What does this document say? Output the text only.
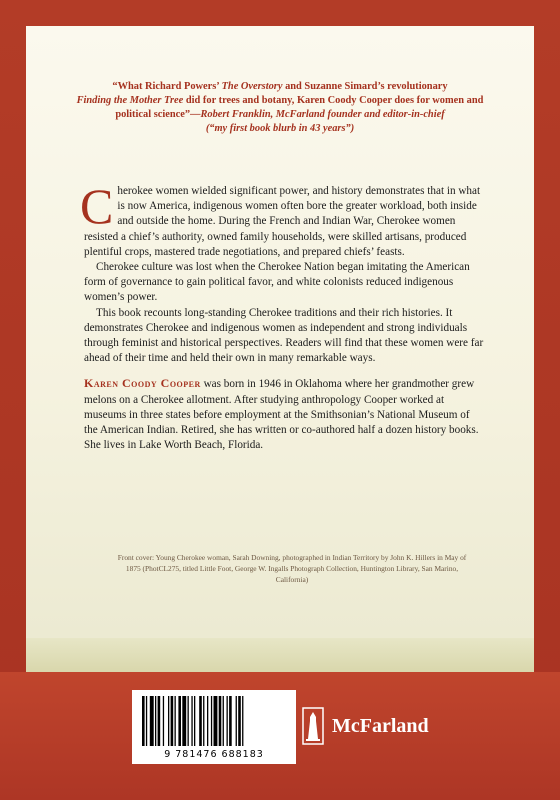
“What Richard Powers’ The Overstory and Suzanne Simard’s revolutionary
Finding the Mother Tree did for trees and botany, Karen Coody Cooper does for women and political science”—Robert Franklin, McFarland founder and editor-in-chief
(“my first book blurb in 43 years”)

Cherokee women wielded significant power, and history demonstrates that in what is now America, indigenous women often bore the greater workload, both inside and outside the home. During the French and Indian War, Cherokee women resisted a chief’s authority, owned family households, were skilled artisans, produced plentiful crops, mastered trade negotiations, and prepared chiefs’ feasts.

Cherokee culture was lost when the Cherokee Nation began imitating the American form of governance to gain political favor, and white colonists reduced indigenous women’s power.

This book recounts long-standing Cherokee traditions and their rich histories. It demonstrates Cherokee and indigenous women as independent and strong individuals through feminist and historical perspectives. Readers will find that these women were far ahead of their time and held their own in many remarkable ways.

Karen Coody Cooper was born in 1946 in Oklahoma where her grandmother grew melons on a Cherokee allotment. After studying anthropology Cooper worked at museums in three states before employment at the Smithsonian’s National Museum of the American Indian. Retired, she has written or co-authored half a dozen history books. She lives in Lake Worth Beach, Florida.

Front cover: Young Cherokee woman, Sarah Downing, photographed in Indian Territory by John K. Hillers in May of 1875 (PhotCL275, titled Little Foot, George W. Ingalls Photograph Collection, Huntington Library, San Marino, California)
9 781476 688183
McFarland
